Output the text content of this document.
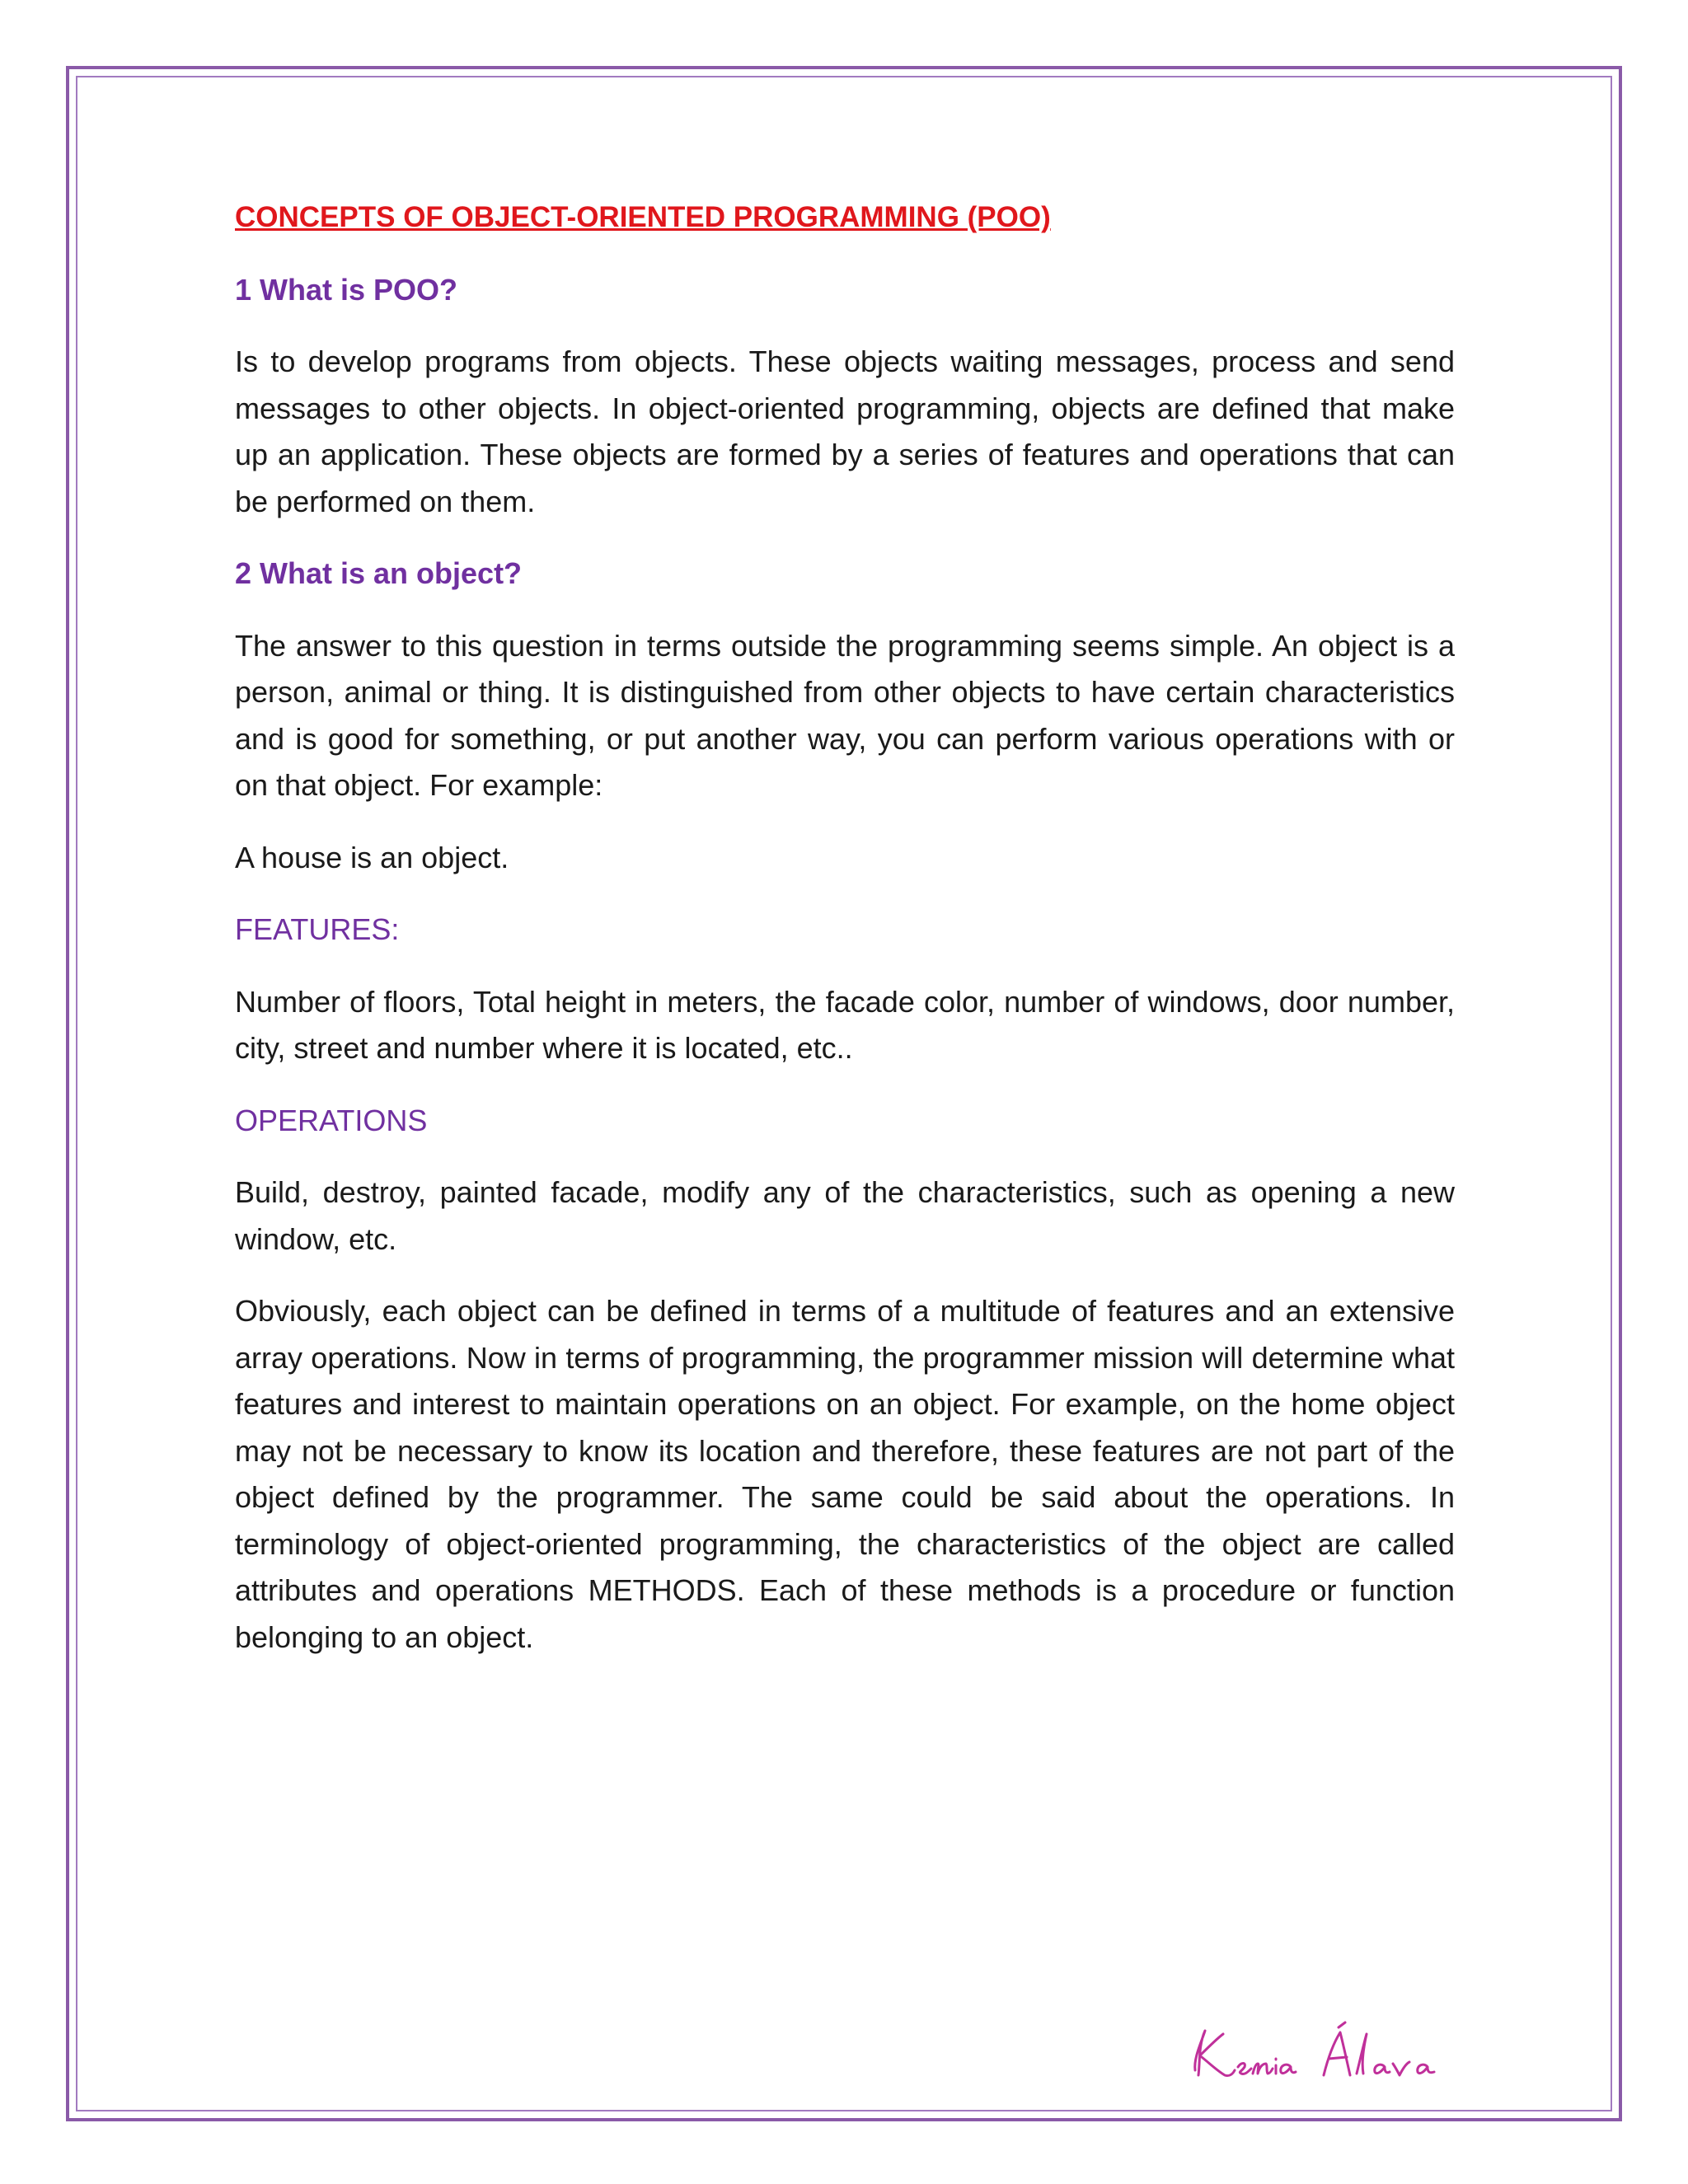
CONCEPTS OF OBJECT-ORIENTED PROGRAMMING (POO)
1 What is POO?

Is to develop programs from objects. These objects waiting messages, process and send messages to other objects. In object-oriented programming, objects are defined that make up an application. These objects are formed by a series of features and operations that can be performed on them.

2 What is an object?

The answer to this question in terms outside the programming seems simple. An object is a person, animal or thing. It is distinguished from other objects to have certain characteristics and is good for something, or put another way, you can perform various operations with or on that object. For example:

A house is an object.

FEATURES:

Number of floors, Total height in meters, the facade color, number of windows, door number, city, street and number where it is located, etc..

OPERATIONS

Build, destroy, painted facade, modify any of the characteristics, such as opening a new window, etc.

Obviously, each object can be defined in terms of a multitude of features and an extensive array operations. Now in terms of programming, the programmer mission will determine what features and interest to maintain operations on an object. For example, on the home object may not be necessary to know its location and therefore, these features are not part of the object defined by the programmer. The same could be said about the operations. In terminology of object-oriented programming, the characteristics of the object are called attributes and operations METHODS. Each of these methods is a procedure or function belonging to an object.
